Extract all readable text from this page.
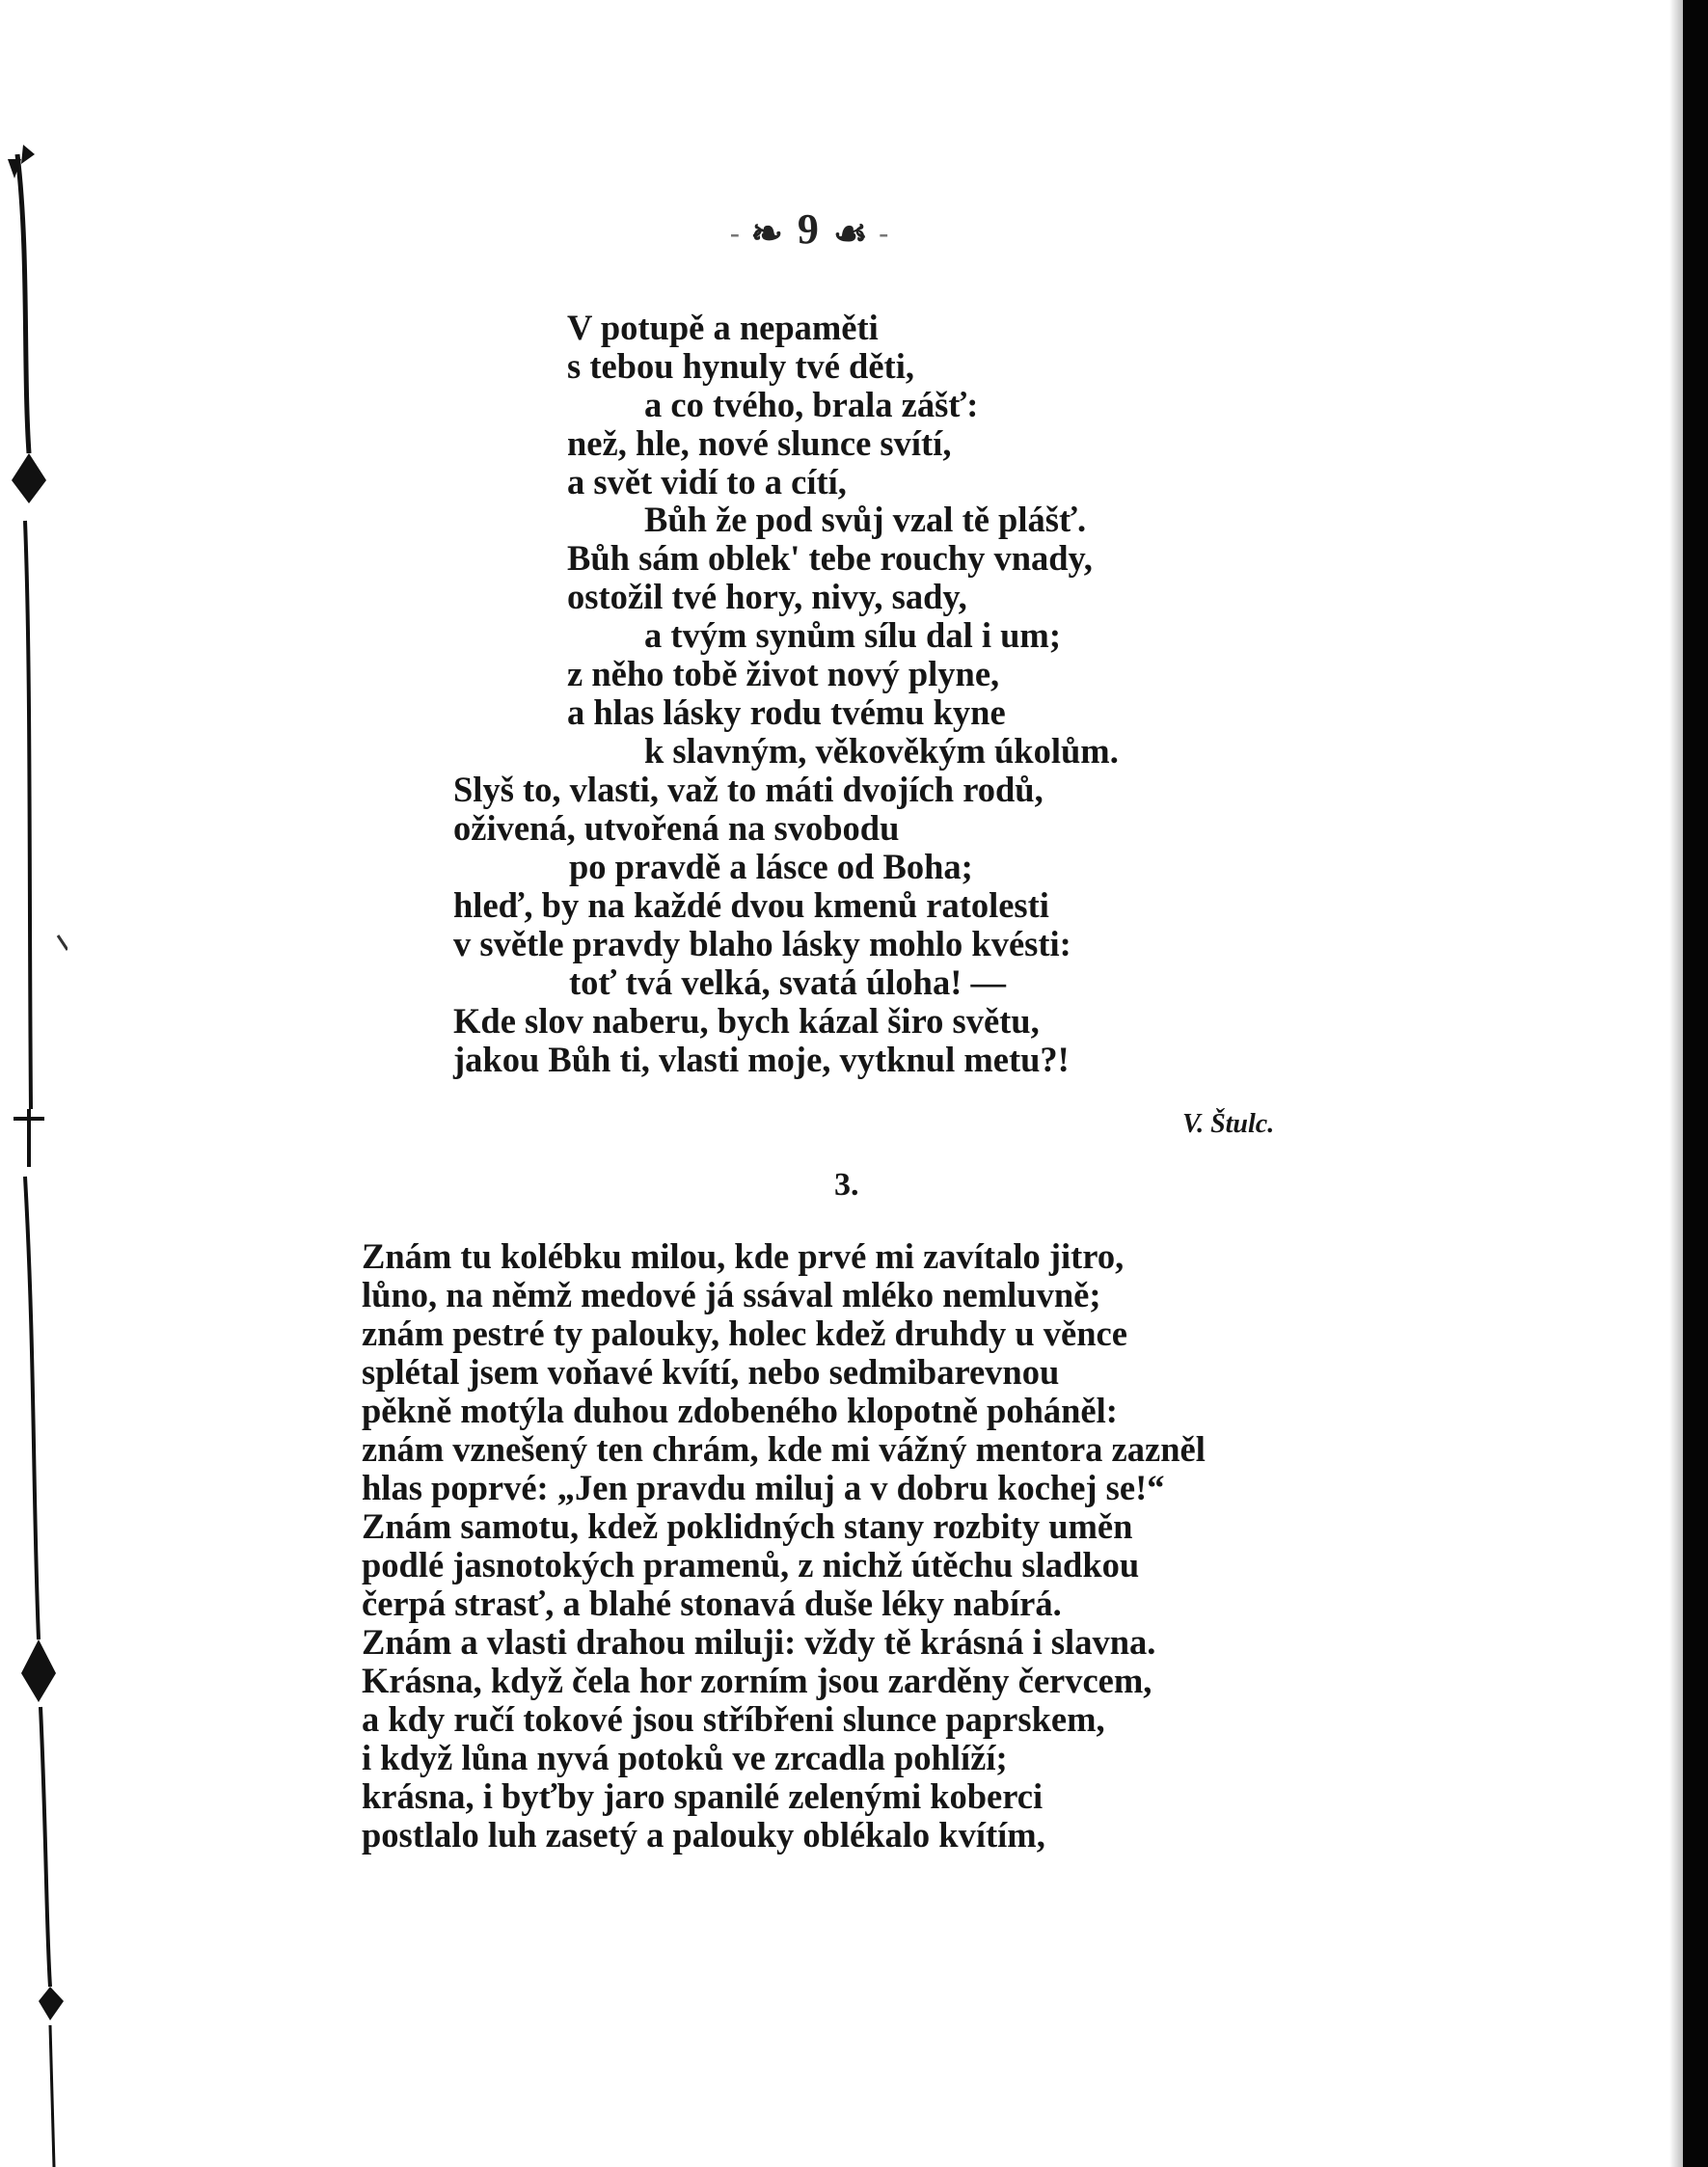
‐ ❧ 9 ☙ ‐
V potupě a nepaměti
s tebou hynuly tvé děti,
a co tvého, brala zášť:
než, hle, nové slunce svítí,
a svět vidí to a cítí,
Bůh že pod svůj vzal tě plášť.
Bůh sám oblek' tebe rouchy vnady,
ostožil tvé hory, nivy, sady,
a tvým synům sílu dal i um;
z něho tobě život nový plyne,
a hlas lásky rodu tvému kyne
k slavným, věkověkým úkolům.
Slyš to, vlasti, važ to máti dvojích rodů,
oživená, utvořená na svobodu
po pravdě a lásce od Boha;
hleď, by na každé dvou kmenů ratolesti
v světle pravdy blaho lásky mohlo kvésti:
toť tvá velká, svatá úloha! —
Kde slov naberu, bych kázal širo světu,
jakou Bůh ti, vlasti moje, vytknul metu?!
V. Štulc.
3.
Znám tu kolébku milou, kde prvé mi zavítalo jitro,
lůno, na němž medové já ssával mléko nemluvně;
znám pestré ty palouky, holec kdež druhdy u věnce
splétal jsem voňavé kvítí, nebo sedmibarevnou
pěkně motýla duhou zdobeného klopotně poháněl:
znám vznešený ten chrám, kde mi vážný mentora zazněl
hlas poprvé: „Jen pravdu miluj a v dobru kochej se!“
Znám samotu, kdež poklidných stany rozbity uměn
podlé jasnotokých pramenů, z nichž útěchu sladkou
čerpá strasť, a blahé stonavá duše léky nabírá.
Znám a vlasti drahou miluji: vždy tě krásná i slavna.
Krásna, když čela hor zorním jsou zarděny červcem,
a kdy ručí tokové jsou stříbřeni slunce paprskem,
i když lůna nyvá potoků ve zrcadla pohlíží;
krásna, i byťby jaro spanilé zelenými koberci
postlalo luh zasetý a palouky oblékalo kvítím,
